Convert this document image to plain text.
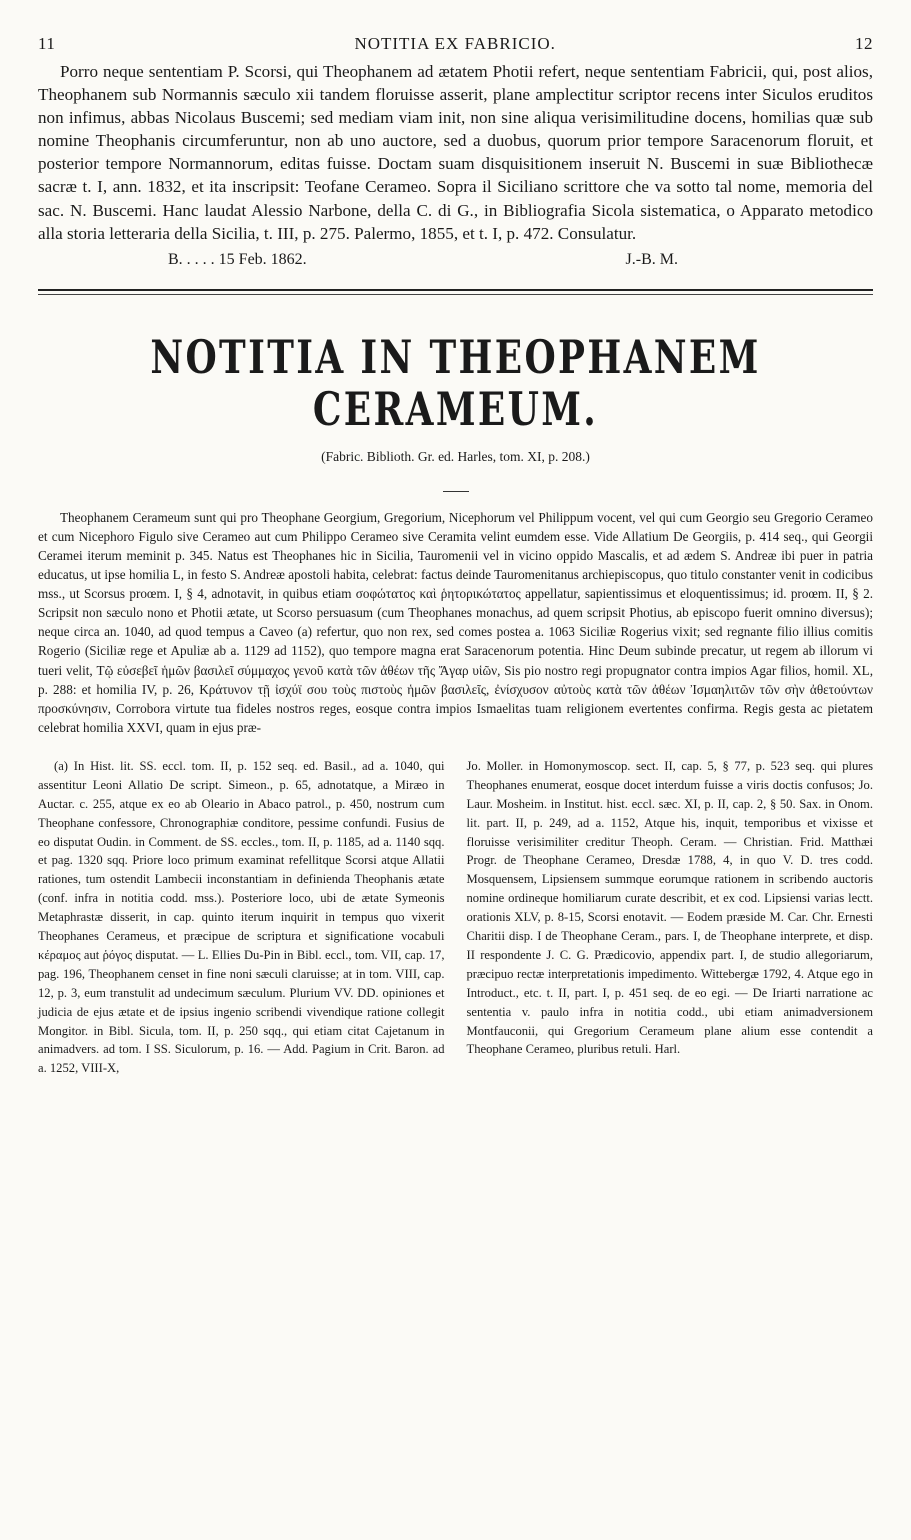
11	NOTITIA EX FABRICIO.	12

Porro neque sententiam P. Scorsi, qui Theophanem ad ætatem Photii refert, neque sententiam Fabricii, qui, post alios, Theophanem sub Normannis sæculo xii tandem floruisse asserit, plane amplectitur scriptor recens inter Siculos eruditos non infimus, abbas Nicolaus Buscemi; sed mediam viam init, non sine aliqua verisimilitudine docens, homilias quæ sub nomine Theophanis circumferuntur, non ab uno auctore, sed a duobus, quorum prior tempore Saracenorum floruit, et posterior tempore Normannorum, editas fuisse. Doctam suam disquisitionem inseruit N. Buscemi in suæ Bibliothecæ sacræ t. I, ann. 1832, et ita inscripsit: Teofane Cerameo. Sopra il Siciliano scrittore che va sotto tal nome, memoria del sac. N. Buscemi. Hanc laudat Alessio Narbone, della C. di G., in Bibliografia Sicola sistematica, o Apparato metodico alla storia letteraria della Sicilia, t. III, p. 275. Palermo, 1855, et t. I, p. 472. Consulatur.

B. . . . . 15 Feb. 1862.	J.-B. M.
NOTITIA IN THEOPHANEM CERAMEUM.
(Fabric. Biblioth. Gr. ed. Harles, tom. XI, p. 208.)

Theophanem Cerameum sunt qui pro Theophane Georgium, Gregorium, Nicephorum vel Philippum vocent, vel qui cum Georgio seu Gregorio Cerameo et cum Nicephoro Figulo sive Cerameo aut cum Philippo Cerameo sive Ceramita velint eumdem esse. Vide Allatium De Georgiis, p. 414 seq., qui Georgii Ceramei iterum meminit p. 345. Natus est Theophanes hic in Sicilia, Tauromenii vel in vicino oppido Mascalis, et ad ædem S. Andreæ ibi puer in patria educatus, ut ipse homilia L, in festo S. Andreæ apostoli habita, celebrat: factus deinde Tauromenitanus archiepiscopus, quo titulo constanter venit in codicibus mss., ut Scorsus proœm. I, § 4, adnotavit, in quibus etiam σοφώτατος καὶ ῥητορικώτατος appellatur, sapientissimus et eloquentissimus; id. proœm. II, § 2. Scripsit non sæculo nono et Photii ætate, ut Scorso persuasum (cum Theophanes monachus, ad quem scripsit Photius, ab episcopo fuerit omnino diversus); neque circa an. 1040, ad quod tempus a Caveo (a) refertur, quo non rex, sed comes postea a. 1063 Siciliæ Rogerius vixit; sed regnante filio illius comitis Rogerio (Siciliæ rege et Apuliæ ab a. 1129 ad 1152), quo tempore magna erat Saracenorum potentia. Hinc Deum subinde precatur, ut regem ab illorum vi tueri velit, Τῷ εὐσεβεῖ ἡμῶν βασιλεῖ σύμμαχος γενοῦ κατὰ τῶν ἀθέων τῆς Ἄγαρ υἱῶν, Sis pio nostro regi propugnator contra impios Agar filios, homil. XL, p. 288: et homilia IV, p. 26, Κράτυνον τῇ ἰσχύϊ σου τοὺς πιστοὺς ἡμῶν βασιλεῖς, ἐνίσχυσον αὐτοὺς κατὰ τῶν ἀθέων Ἰσμαηλιτῶν τῶν σὴν ἀθετούντων προσκύνησιν, Corrobora virtute tua fideles nostros reges, eosque contra impios Ismaelitas tuam religionem evertentes confirma. Regis gesta ac pietatem celebrat homilia XXVI, quam in ejus præ-

(a) In Hist. lit. SS. eccl. tom. II, p. 152 seq. ed. Basil., ad a. 1040, qui assentitur Leoni Allatio De script. Simeon., p. 65, adnotatque, a Miræo in Auctar. c. 255, atque ex eo ab Oleario in Abaco patrol., p. 450, nostrum cum Theophane confessore, Chronographiæ conditore, pessime confundi. Fusius de eo disputat Oudin. in Comment. de SS. eccles., tom. II, p. 1185, ad a. 1140 sqq. et pag. 1320 sqq. Priore loco primum examinat refellitque Scorsi atque Allatii rationes, tum ostendit Lambecii inconstantiam in definienda Theophanis ætate (conf. infra in notitia codd. mss.). Posteriore loco, ubi de ætate Symeonis Metaphrastæ disserit, in cap. quinto iterum inquirit in tempus quo vixerit Theophanes Cerameus, et præcipue de scriptura et significatione vocabuli κέραμος aut ῥόγος disputat. — L. Ellies Du-Pin in Bibl. eccl., tom. VII, cap. 17, pag. 196, Theophanem censet in fine noni sæculi claruisse; at in tom. VIII, cap. 12, p. 3, eum transtulit ad undecimum sæculum. Plurium VV. DD. opiniones et judicia de ejus ætate et de ipsius ingenio scribendi vivendique ratione collegit Mongitor. in Bibl. Sicula, tom. II, p. 250 sqq., qui etiam citat Cajetanum in animadvers. ad tom. I SS. Siculorum, p. 16. — Add. Pagium in Crit. Baron. ad a. 1252, VIII-X,

Jo. Moller. in Homonymoscop. sect. II, cap. 5, § 77, p. 523 seq. qui plures Theophanes enumerat, eosque docet interdum fuisse a viris doctis confusos; Jo. Laur. Mosheim. in Institut. hist. eccl. sæc. XI, p. II, cap. 2, § 50. Sax. in Onom. lit. part. II, p. 249, ad a. 1152, Atque his, inquit, temporibus et vixisse et floruisse verisimiliter creditur Theoph. Ceram. — Christian. Frid. Matthæi Progr. de Theophane Cerameo, Dresdæ 1788, 4, in quo V. D. tres codd. Mosquensem, Lipsiensem summque eorumque rationem in scribendo auctoris nomine ordineque homiliarum curate describit, et ex cod. Lipsiensi varias lectt. orationis XLV, p. 8-15, Scorsi enotavit. — Eodem præside M. Car. Chr. Ernesti Charitii disp. I de Theophane Ceram., pars. I, de Theophane interprete, et disp. II respondente J. C. G. Prædicovio, appendix part. I, de studio allegoriarum, præcipuo rectæ interpretationis impedimento. Wittebergæ 1792, 4. Atque ego in Introduct., etc. t. II, part. I, p. 451 seq. de eo egi. — De Iriarti narratione ac sententia v. paulo infra in notitia codd., ubi etiam animadversionem Montfauconii, qui Gregorium Cerameum plane alium esse contendit a Theophane Cerameo, pluribus retuli. Harl.
